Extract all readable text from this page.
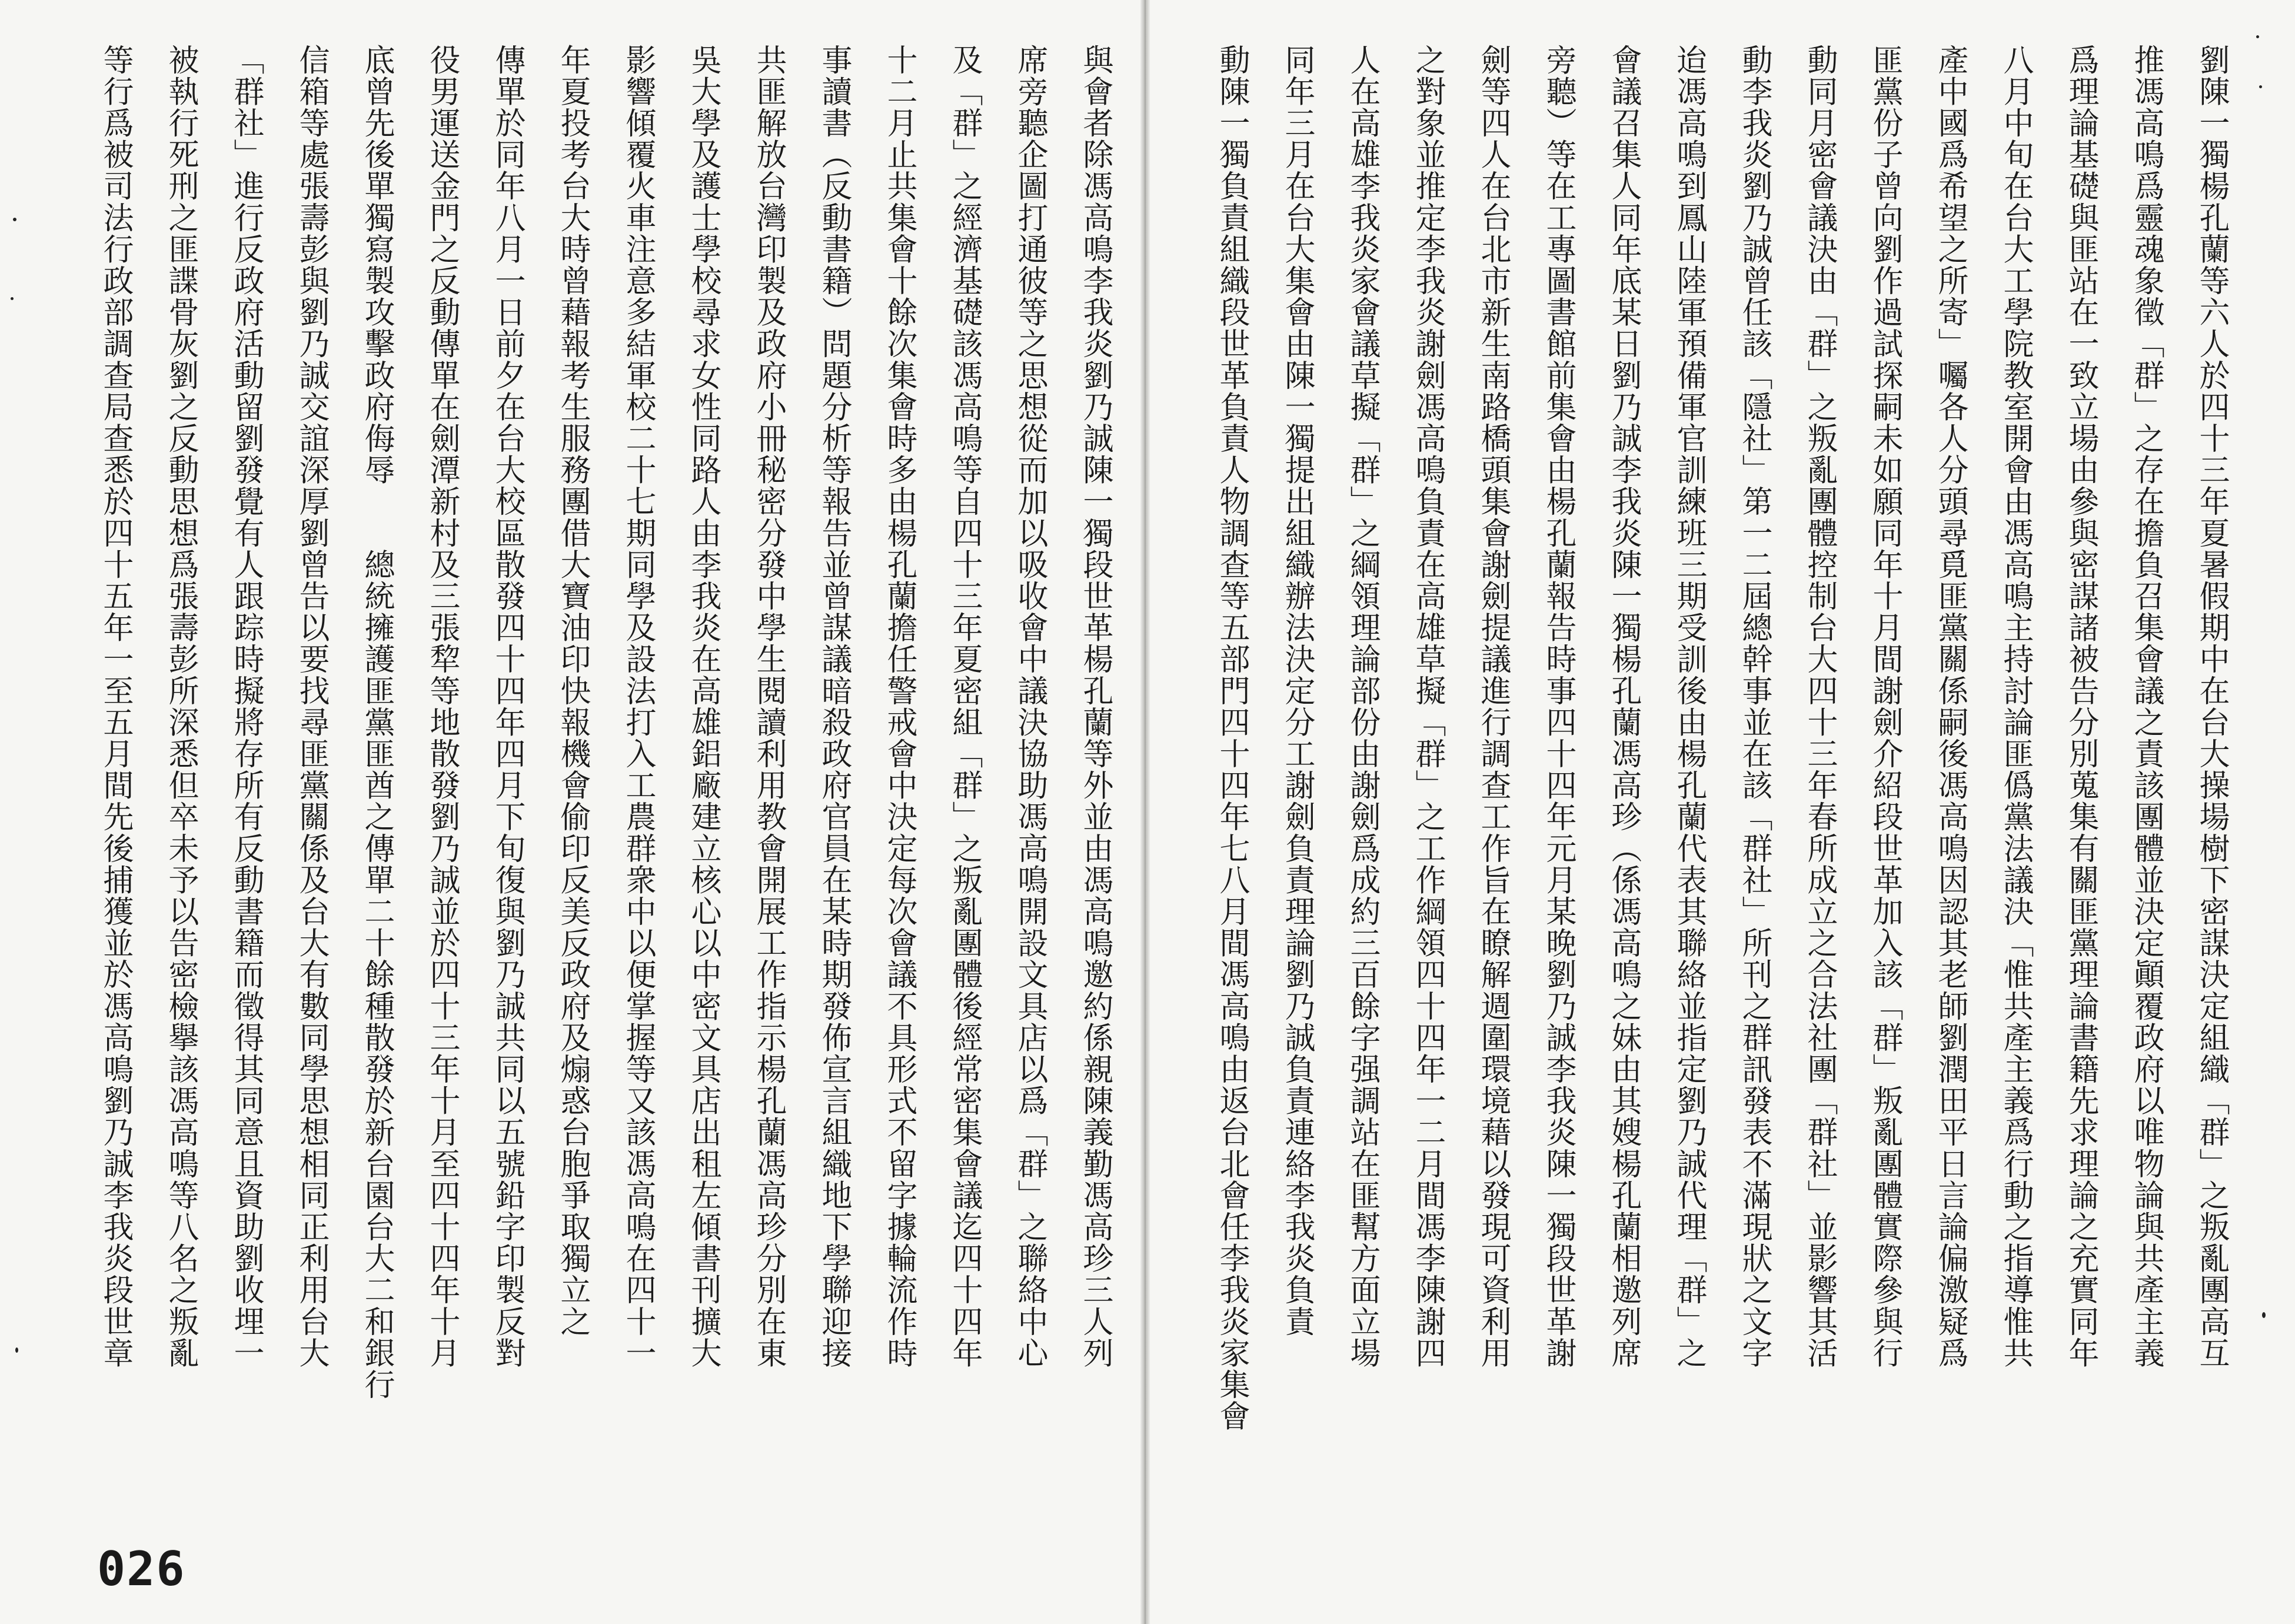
與會者除馮高鳴李我炎劉乃誠陳一獨段世革楊孔蘭等外並由馮高鳴邀約係親陳義勤馮高珍三人列
席旁聽企圖打通彼等之思想從而加以吸收會中議決協助馮高鳴開設文具店以爲「群」之聯絡中心
及「群」之經濟基礎該馮高鳴等自四十三年夏密組「群」之叛亂團體後經常密集會議迄四十四年
十二月止共集會十餘次集會時多由楊孔蘭擔任警戒會中決定每次會議不具形式不留字據輪流作時
事讀書（反動書籍）問題分析等報告並曾謀議暗殺政府官員在某時期發佈宣言組織地下學聯迎接
共匪解放台灣印製及政府小冊秘密分發中學生閱讀利用教會開展工作指示楊孔蘭馮高珍分別在東
吳大學及護士學校尋求女性同路人由李我炎在高雄鋁廠建立核心以中密文具店出租左傾書刊擴大
影響傾覆火車注意多結軍校二十七期同學及設法打入工農群衆中以便掌握等又該馮高鳴在四十一
年夏投考台大時曾藉報考生服務團借大寶油印快報機會偷印反美反政府及煽惑台胞爭取獨立之
傳單於同年八月一日前夕在台大校區散發四十四年四月下旬復與劉乃誠共同以五號鉛字印製反對
役男運送金門之反動傳單在劍潭新村及三張犂等地散發劉乃誠並於四十三年十月至四十四年十月
底曾先後單獨寫製攻擊政府侮辱　　總統擁護匪黨匪酋之傳單二十餘種散發於新台園台大二和銀行
信箱等處張壽彭與劉乃誠交誼深厚劉曾告以要找尋匪黨關係及台大有數同學思想相同正利用台大
「群社」進行反政府活動留劉發覺有人跟踪時擬將存所有反動書籍而徵得其同意且資助劉收埋一
被執行死刑之匪諜骨灰劉之反動思想爲張壽彭所深悉但卒未予以告密檢擧該馮高鳴等八名之叛亂
等行爲被司法行政部調查局查悉於四十五年一至五月間先後捕獲並於馮高鳴劉乃誠李我炎段世章
026
劉陳一獨楊孔蘭等六人於四十三年夏暑假期中在台大操場樹下密謀決定組織「群」之叛亂團高互
推馮高鳴爲靈魂象徵「群」之存在擔負召集會議之責該團體並決定顚覆政府以唯物論與共產主義
爲理論基礎與匪站在一致立場由參與密謀諸被告分別蒐集有關匪黨理論書籍先求理論之充實同年
八月中旬在台大工學院教室開會由馮高鳴主持討論匪僞黨法議決「惟共產主義爲行動之指導惟共
產中國爲希望之所寄」囑各人分頭尋覓匪黨關係嗣後馮高鳴因認其老師劉潤田平日言論偏激疑爲
匪黨份子曾向劉作過試探嗣未如願同年十月間謝劍介紹段世革加入該「群」叛亂團體實際參與行
動同月密會議決由「群」之叛亂團體控制台大四十三年春所成立之合法社團「群社」並影響其活
動李我炎劉乃誠曾任該「隱社」第一二屆總幹事並在該「群社」所刊之群訊發表不滿現狀之文字
迨馮高鳴到鳳山陸軍預備軍官訓練班三期受訓後由楊孔蘭代表其聯絡並指定劉乃誠代理「群」之
會議召集人同年底某日劉乃誠李我炎陳一獨楊孔蘭馮高珍（係馮高鳴之妹由其嫂楊孔蘭相邀列席
旁聽）等在工專圖書館前集會由楊孔蘭報告時事四十四年元月某晚劉乃誠李我炎陳一獨段世革謝
劍等四人在台北市新生南路橋頭集會謝劍提議進行調查工作旨在瞭解週圍環境藉以發現可資利用
之對象並推定李我炎謝劍馮高鳴負責在高雄草擬「群」之工作綱領四十四年一二月間馮李陳謝四
人在高雄李我炎家會議草擬「群」之綱領理論部份由謝劍爲成約三百餘字强調站在匪幫方面立場
同年三月在台大集會由陳一獨提出組織辦法決定分工謝劍負責理論劉乃誠負責連絡李我炎負責
動陳一獨負責組織段世革負責人物調查等五部門四十四年七八月間馮高鳴由返台北會任李我炎家集會
